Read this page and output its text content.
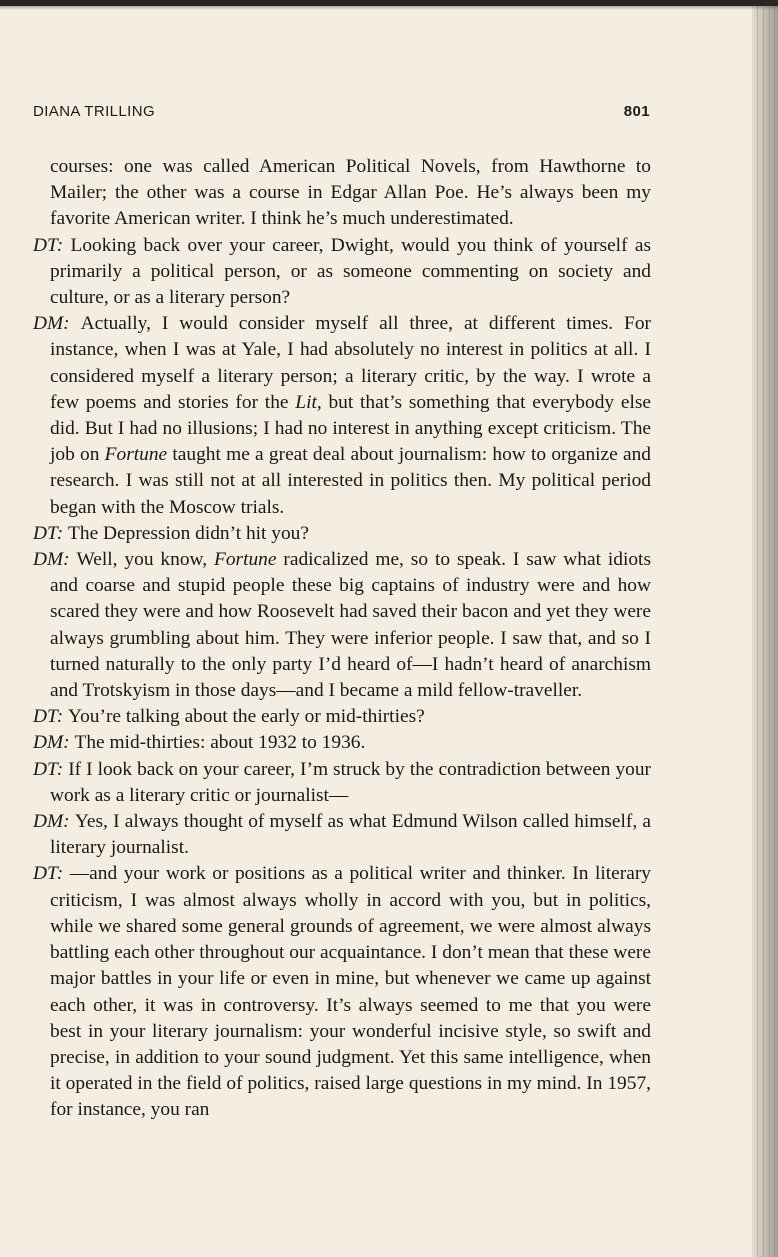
DIANA TRILLING	801

courses: one was called American Political Novels, from Hawthorne to Mailer; the other was a course in Edgar Allan Poe. He’s always been my favorite American writer. I think he’s much underestimated.

DT: Looking back over your career, Dwight, would you think of yourself as primarily a political person, or as someone commenting on society and culture, or as a literary person?

DM: Actually, I would consider myself all three, at different times. For instance, when I was at Yale, I had absolutely no interest in politics at all. I considered myself a literary person; a literary critic, by the way. I wrote a few poems and stories for the Lit, but that’s something that everybody else did. But I had no illusions; I had no interest in anything except criticism. The job on Fortune taught me a great deal about journalism: how to organize and research. I was still not at all interested in politics then. My political period began with the Moscow trials.

DT: The Depression didn’t hit you?

DM: Well, you know, Fortune radicalized me, so to speak. I saw what idiots and coarse and stupid people these big captains of industry were and how scared they were and how Roosevelt had saved their bacon and yet they were always grumbling about him. They were inferior people. I saw that, and so I turned naturally to the only party I’d heard of—I hadn’t heard of anarchism and Trotskyism in those days—and I became a mild fellow-traveller.

DT: You’re talking about the early or mid-thirties?

DM: The mid-thirties: about 1932 to 1936.

DT: If I look back on your career, I’m struck by the contradiction between your work as a literary critic or journalist—

DM: Yes, I always thought of myself as what Edmund Wilson called himself, a literary journalist.

DT:—and your work or positions as a political writer and thinker. In literary criticism, I was almost always wholly in accord with you, but in politics, while we shared some general grounds of agreement, we were almost always battling each other throughout our acquaintance. I don’t mean that these were major battles in your life or even in mine, but whenever we came up against each other, it was in controversy. It’s always seemed to me that you were best in your literary journalism: your wonderful incisive style, so swift and precise, in addition to your sound judgment. Yet this same intelligence, when it operated in the field of politics, raised large questions in my mind. In 1957, for instance, you ran
